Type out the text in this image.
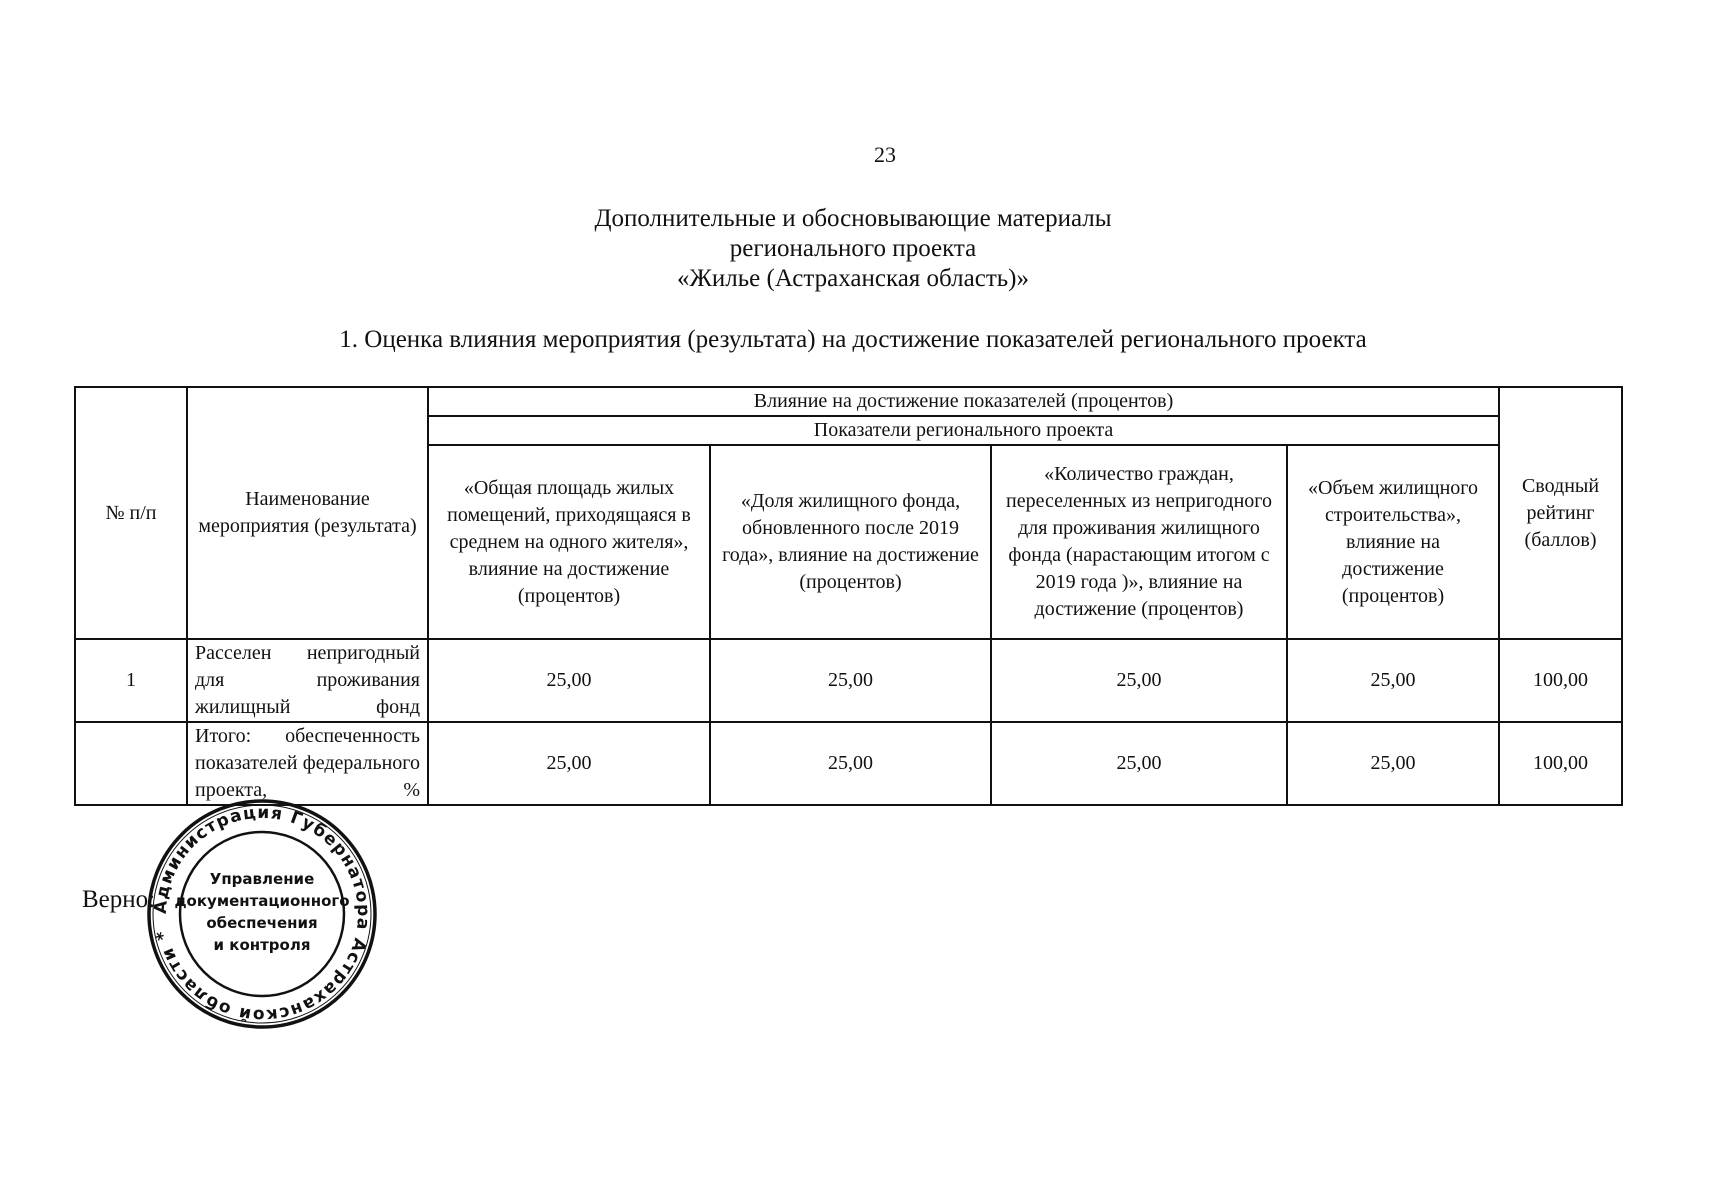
23
Дополнительные и обосновывающие материалы
регионального проекта
«Жилье (Астраханская область)»
1. Оценка влияния мероприятия (результата) на достижение показателей регионального проекта
№ п/п	Наименование мероприятия (результата)	Влияние на достижение показателей (процентов)				Сводный рейтинг (баллов)
		Показатели регионального проекта				
		«Общая площадь жилых помещений, приходящаяся в среднем на одного жителя», влияние на достижение (процентов)	«Доля жилищного фонда, обновленного после 2019 года», влияние на достижение (процентов)	«Количество граждан, переселенных из непригодного для проживания жилищного фонда (нарастающим итогом с 2019 года )», влияние на достижение (процентов)	«Объем жилищного строительства», влияние на достижение (процентов)	
1	Расселен непригодный для проживания жилищный фонд	25,00	25,00	25,00	25,00	100,00
	Итого: обеспеченность показателей федерального проекта, %	25,00	25,00	25,00	25,00	100,00
Верно:
Администрация Губернатора Астраханской области *
Управление
документационного
обеспечения
и контроля
